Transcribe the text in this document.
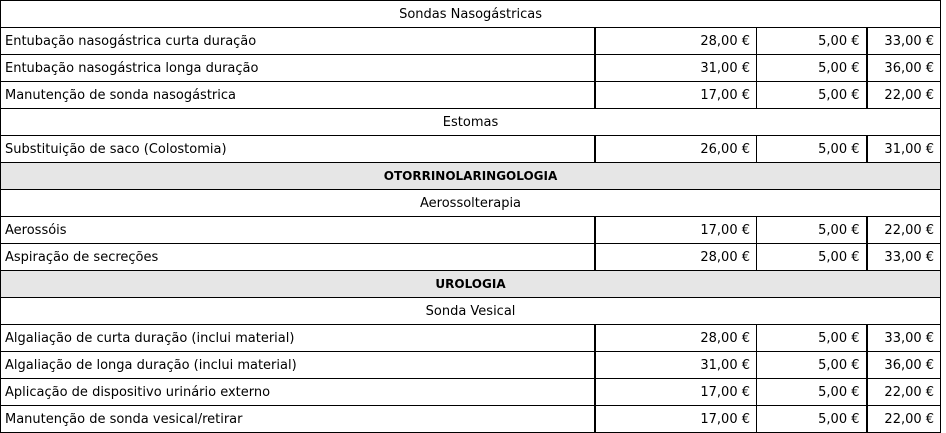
Sondas Nasogástricas			
Entubação nasogástrica curta duração	28,00 €	5,00 €	33,00 €
Entubação nasogástrica longa duração	31,00 €	5,00 €	36,00 €
Manutenção de sonda nasogástrica	17,00 €	5,00 €	22,00 €
Estomas			
Substituição de saco (Colostomia)	26,00 €	5,00 €	31,00 €
OTORRINOLARINGOLOGIA			
Aerossolterapia			
Aerossóis	17,00 €	5,00 €	22,00 €
Aspiração de secreções	28,00 €	5,00 €	33,00 €
UROLOGIA			
Sonda Vesical			
Algaliação de curta duração (inclui material)	28,00 €	5,00 €	33,00 €
Algaliação de longa duração (inclui material)	31,00 €	5,00 €	36,00 €
Aplicação de dispositivo urinário externo	17,00 €	5,00 €	22,00 €
Manutenção de sonda vesical/retirar	17,00 €	5,00 €	22,00 €
